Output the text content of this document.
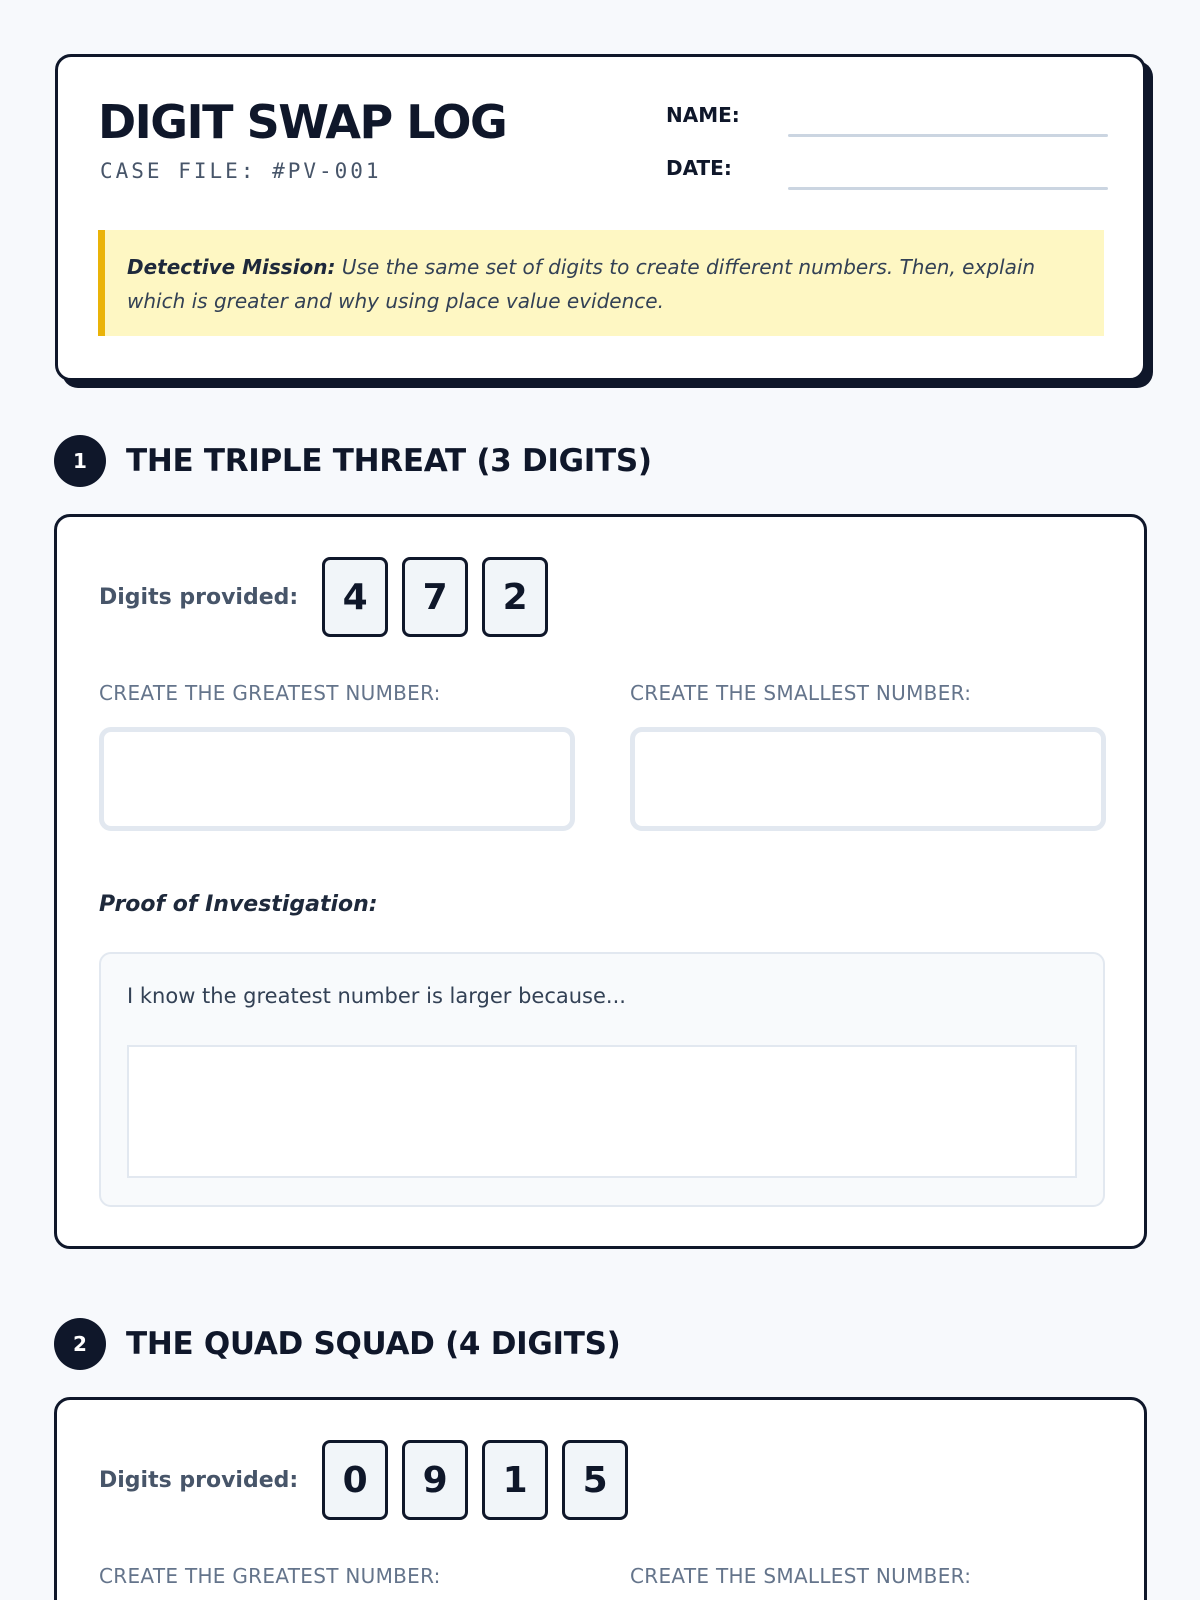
DIGIT SWAP LOG
CASE FILE: #PV-001
NAME:
DATE:
Detective Mission: Use the same set of digits to create different numbers. Then, explain which is greater and why using place value evidence.
1	THE TRIPLE THREAT (3 DIGITS)
Digits provided:	4	7	2
CREATE THE GREATEST NUMBER:	CREATE THE SMALLEST NUMBER:
Proof of Investigation:
I know the greatest number is larger because...
2	THE QUAD SQUAD (4 DIGITS)
Digits provided:	0	9	1	5
CREATE THE GREATEST NUMBER:	CREATE THE SMALLEST NUMBER:
